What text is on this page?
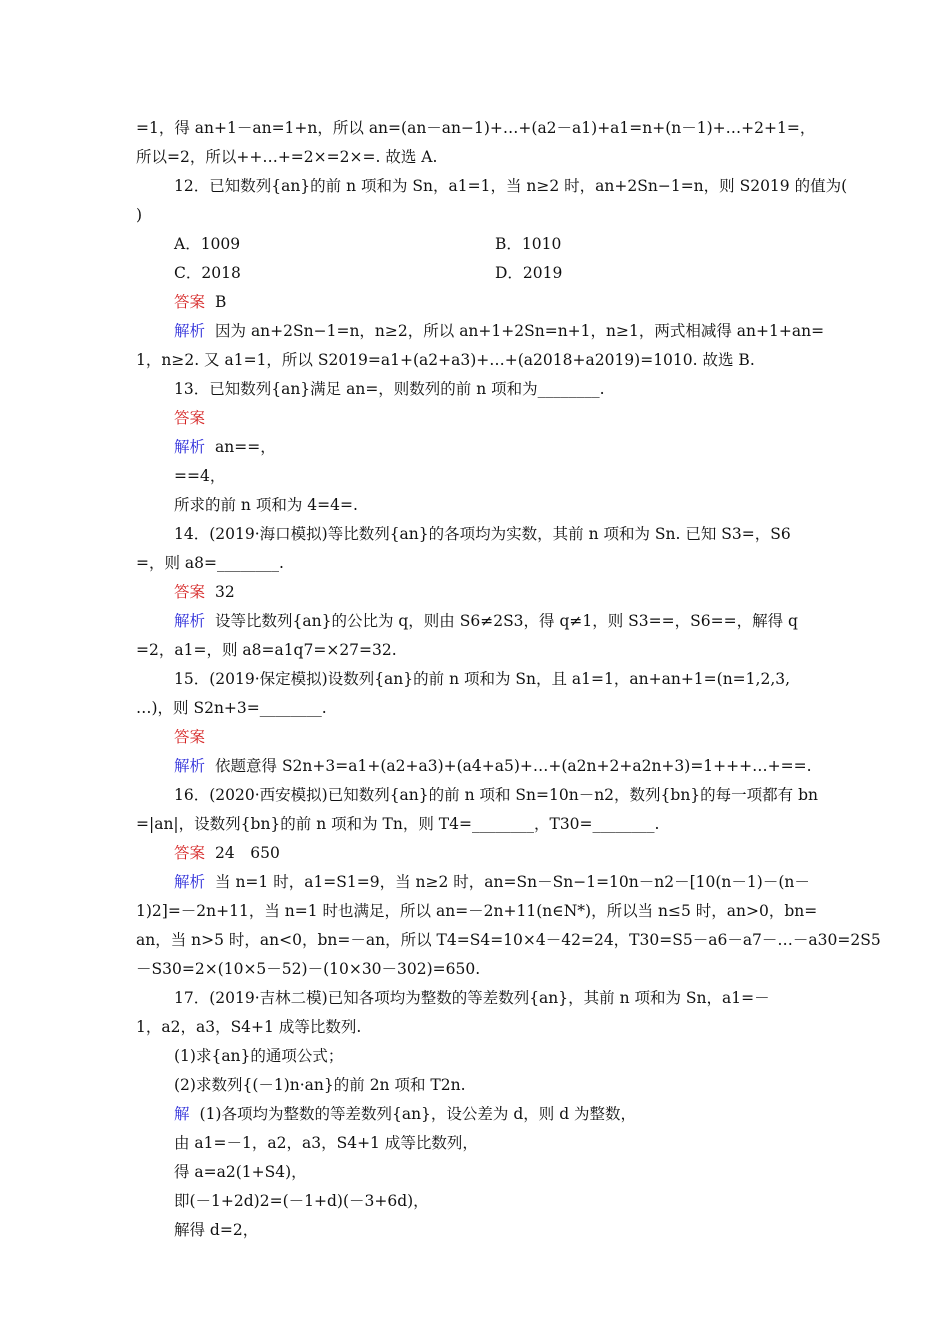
=1，得 an+1－an=1+n，所以 an=(an－an−1)+…+(a2－a1)+a1=n+(n－1)+…+2+1=，
所以=2，所以++…+=2×=2×=. 故选 A.
12．已知数列{an}的前 n 项和为 Sn，a1=1，当 n≥2 时，an+2Sn−1=n，则 S2019 的值为(
)
A．1009	B．1010
C．2018	D．2019
答案 B
解析 因为 an+2Sn−1=n，n≥2，所以 an+1+2Sn=n+1，n≥1，两式相减得 an+1+an=
1，n≥2. 又 a1=1，所以 S2019=a1+(a2+a3)+…+(a2018+a2019)=1010. 故选 B.
13．已知数列{an}满足 an=，则数列的前 n 项和为________.
答案
解析 an==，
==4，
所求的前 n 项和为 4=4=.
14．(2019·海口模拟)等比数列{an}的各项均为实数，其前 n 项和为 Sn. 已知 S3=，S6
=，则 a8=________.
答案 32
解析 设等比数列{an}的公比为 q，则由 S6≠2S3，得 q≠1，则 S3==，S6==，解得 q
=2，a1=，则 a8=a1q7=×27=32.
15．(2019·保定模拟)设数列{an}的前 n 项和为 Sn，且 a1=1，an+an+1=(n=1,2,3,
…)，则 S2n+3=________.
答案
解析 依题意得 S2n+3=a1+(a2+a3)+(a4+a5)+…+(a2n+2+a2n+3)=1+++…+==.
16．(2020·西安模拟)已知数列{an}的前 n 项和 Sn=10n－n2，数列{bn}的每一项都有 bn
=|an|，设数列{bn}的前 n 项和为 Tn，则 T4=________，T30=________.
答案 24　650
解析 当 n=1 时，a1=S1=9，当 n≥2 时，an=Sn－Sn−1=10n－n2－[10(n－1)－(n－
1)2]=－2n+11，当 n=1 时也满足，所以 an=－2n+11(n∈N*)，所以当 n≤5 时，an>0，bn=
an，当 n>5 时，an<0，bn=－an，所以 T4=S4=10×4－42=24，T30=S5－a6－a7－…－a30=2S5
－S30=2×(10×5－52)－(10×30－302)=650.
17．(2019·吉林二模)已知各项均为整数的等差数列{an}，其前 n 项和为 Sn，a1=－
1，a2，a3，S4+1 成等比数列.
(1)求{an}的通项公式；
(2)求数列{(－1)n·an}的前 2n 项和 T2n.
解 (1)各项均为整数的等差数列{an}，设公差为 d，则 d 为整数，
由 a1=－1，a2，a3，S4+1 成等比数列，
得 a=a2(1+S4)，
即(－1+2d)2=(－1+d)(－3+6d)，
解得 d=2，
